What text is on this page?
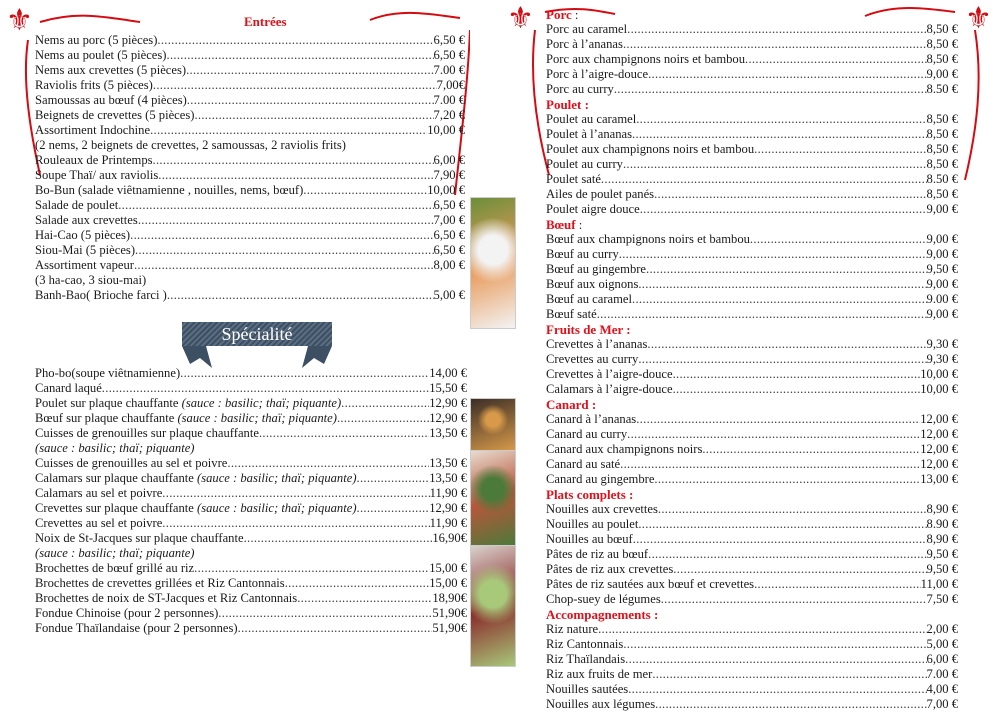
⚜	Entrées
Nems au porc (5 pièces) .....	6,50 €
Nems au poulet (5 pièces) .....	6,50 €
Nems aux crevettes (5 pièces) .....	7.00 €
Raviolis frits (5 pièces) .....	7,00€
Samoussas au bœuf (4 pièces) .....	7.00 €
Beignets de crevettes (5 pièces) .....	7,20 €
Assortiment Indochine .....	10,00 €
(2 nems, 2 beignets de crevettes, 2 samoussas, 2 raviolis frits)
Rouleaux de Printemps .....	6,00 €
Soupe Thaï/ aux raviolis .....	7,90 €
Bo-Bun (salade viêtnamienne , nouilles, nems, bœuf) .....	10,00 €
Salade de poulet .....	6,50 €
Salade aux crevettes .....	7,00 €
Hai-Cao (5 pièces) .....	6,50 €
Siou-Mai (5 pièces) .....	6,50 €
Assortiment vapeur .....	8,00 €
(3 ha-cao, 3 siou-mai)
Banh-Bao( Brioche farci ) .....	5,00 €
Spécialité
Pho-bo(soupe viêtnamienne) .....	14,00 €
Canard laqué .....	15,50 €
Poulet sur plaque chauffante (sauce : basilic; thaï; piquante) .....	12,90 €
Bœuf sur plaque chauffante (sauce : basilic; thaï; piquante) .....	12,90 €
Cuisses de grenouilles sur plaque chauffante .....	13,50 €
(sauce : basilic; thaï; piquante)
Cuisses de grenouilles au sel et poivre .....	13,50 €
Calamars sur plaque chauffante (sauce : basilic; thaï; piquante) .....	13,50 €
Calamars au sel et poivre .....	11,90 €
Crevettes sur plaque chauffante (sauce : basilic; thaï; piquante) .....	12,90 €
Crevettes au sel et poivre .....	11,90 €
Noix de St-Jacques sur plaque chauffante .....	16,90€
(sauce : basilic; thaï; piquante)
Brochettes de bœuf grillé au riz .....	15,00 €
Brochettes de crevettes grillées et Riz Cantonnais .....	15,00 €
Brochettes de noix de ST-Jacques et Riz Cantonnais .....	18,90€
Fondue Chinoise (pour 2 personnes) .....	51,90€
Fondue Thaïlandaise (pour 2 personnes) .....	51,90€
⚜	⚜
Porc :
Porc au caramel .....	8,50 €
Porc à l’ananas .....	8,50 €
Porc aux champignons noirs et bambou .....	8,50 €
Porc à l’aigre-douce .....	9,00 €
Porc au curry .....	8.50 €
Poulet :
Poulet au caramel .....	8,50 €
Poulet à l’ananas .....	8,50 €
Poulet aux champignons noirs et bambou .....	8,50 €
Poulet au curry .....	8,50 €
Poulet saté .....	8.50 €
Ailes de poulet panés .....	8,50 €
Poulet aigre douce .....	9,00 €
Bœuf :
Bœuf aux champignons noirs et bambou .....	9,00 €
Bœuf au curry .....	9,00 €
Bœuf au gingembre .....	9,50 €
Bœuf aux oignons .....	9,00 €
Bœuf au caramel .....	9.00 €
Bœuf saté .....	9,00 €
Fruits de Mer :
Crevettes à l’ananas .....	9,30 €
Crevettes au curry .....	9,30 €
Crevettes à l’aigre-douce .....	10,00 €
Calamars à l’aigre-douce .....	10,00 €
Canard :
Canard à l’ananas .....	12,00 €
Canard au curry .....	12,00 €
Canard aux champignons noirs .....	12,00 €
Canard au saté .....	12,00 €
Canard au gingembre .....	13,00 €
Plats complets :
Nouilles aux crevettes .....	8,90 €
Nouilles au poulet .....	8.90 €
Nouilles au bœuf .....	8,90 €
Pâtes de riz au bœuf .....	9,50 €
Pâtes de riz aux crevettes .....	9,50 €
Pâtes de riz sautées aux bœuf et crevettes .....	11,00 €
Chop-suey de légumes .....	7,50 €
Accompagnements :
Riz nature .....	2,00 €
Riz Cantonnais .....	5,00 €
Riz Thaïlandais .....	6,00 €
Riz aux fruits de mer .....	7.00 €
Nouilles sautées .....	4,00 €
Nouilles aux légumes .....	7,00 €
